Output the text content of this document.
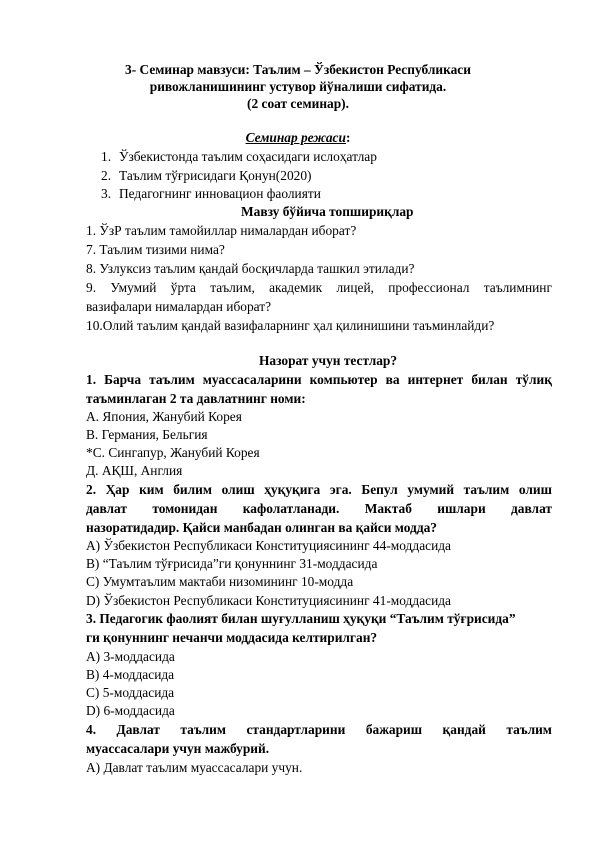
3- Семинар мавзуси: Таълим – Ўзбекистон Республикаси
ривожланишининг устувор йўналиши сифатида.
(2 соат семинар).
Семинар режаси:
1. Ўзбекистонда таълим соҳасидаги ислоҳатлар
2. Таълим тўғрисидаги Қонун(2020)
3. Педагогнинг инновацион фаолияти
Мавзу бўйича топшириқлар
1. ЎзР таълим тамойиллар нималардан иборат?
7. Таълим тизими нима?
8. Узлуксиз таълим қандай босқичларда ташкил этилади?
9. Умумий ўрта таълим, академик лицей, профессионал таълимнинг
вазифалари нималардан иборат?
10.Олий таълим қандай вазифаларнинг ҳал қилинишини таъминлайди?
Назорат учун тестлар?
1. Барча таълим муассасаларини компьютер ва интернет билан тўлиқ
таъминлаган 2 та давлатнинг номи:
A. Япония, Жанубий Корея
B. Германия, Бельгия
*C. Сингапур, Жанубий Корея
Д. АҚШ, Англия
2. Ҳар ким билим олиш ҳуқуқига эга. Бепул умумий таълим олиш
давлат томонидан кафолатланади. Мактаб ишлари давлат
назоратидадир. Қайси манбадан олинган ва қайси модда?
A) Ўзбекистон Республикаси Конституциясининг 44-моддасида
B) “Таълим тўғрисида”ги қонуннинг 31-моддасида
C) Умумтаълим мактаби низомининг 10-модда
D) Ўзбекистон Республикаси Конституциясининг 41-моддасида
3. Педагогик фаолият билан шуғулланиш ҳуқуқи “Таълим тўғрисида”
ги қонуннинг нечанчи моддасида келтирилган?
A) 3-моддасида
B) 4-моддасида
C) 5-моддасида
D) 6-моддасида
4. Давлат таълим стандартларини бажариш қандай таълим
муассасалари учун мажбурий.
A) Давлат таълим муассасалари учун.
